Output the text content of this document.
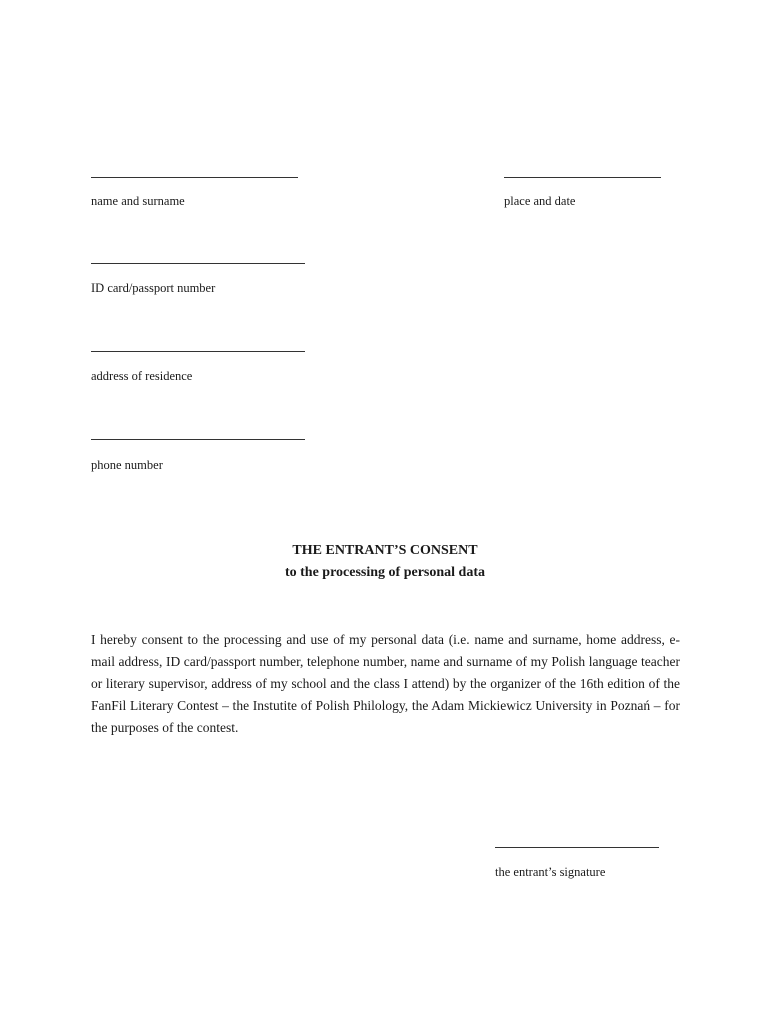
name and surname	place and date
ID card/passport number
address of residence
phone number
THE ENTRANT’S CONSENT
to the processing of personal data
I hereby consent to the processing and use of my personal data (i.e. name and surname, home address, e-mail address, ID card/passport number, telephone number, name and surname of my Polish language teacher or literary supervisor, address of my school and the class I attend) by the organizer of the 16th edition of the FanFil Literary Contest – the Instutite of Polish Philology, the Adam Mickiewicz University in Poznań – for the purposes of the contest.
the entrant’s signature
